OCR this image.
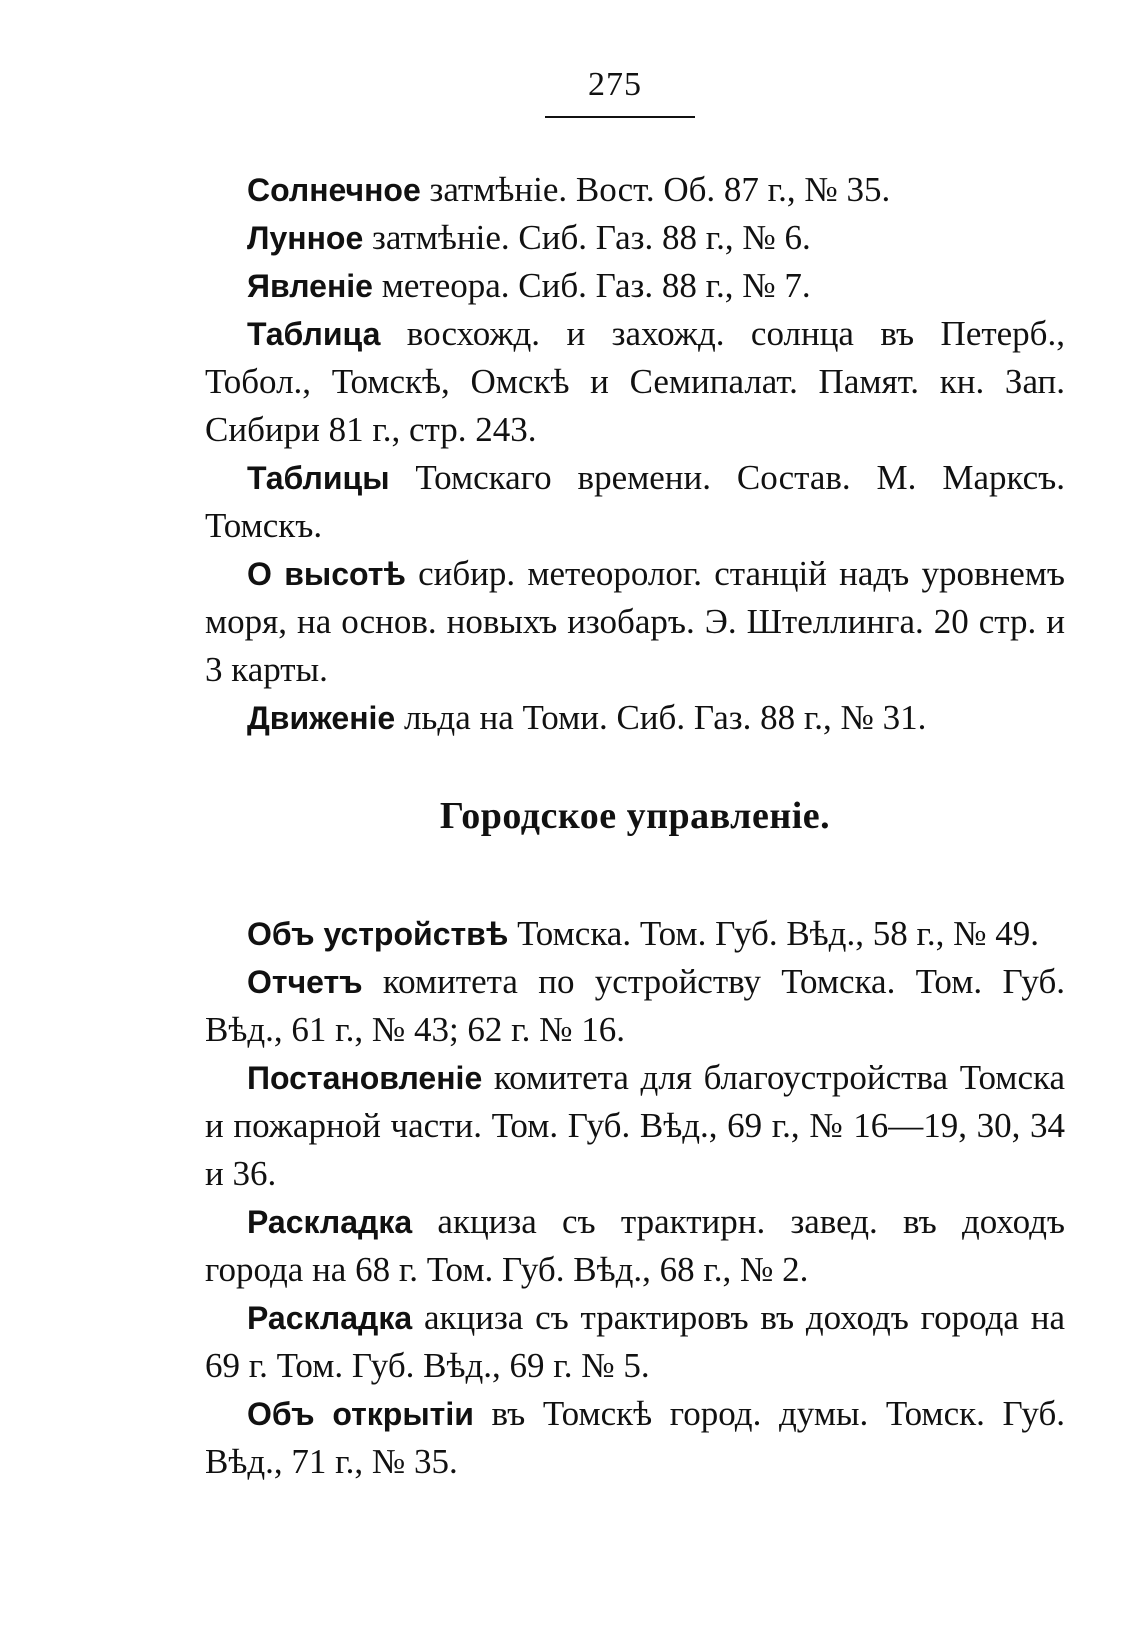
275

Солнечное затмѣніе. Вост. Об. 87 г., № 35.

Лунное затмѣніе. Сиб. Газ. 88 г., № 6.

Явленіе метеора. Сиб. Газ. 88 г., № 7.

Таблица восхожд. и захожд. солнца въ Петерб., Тобол., Томскѣ, Омскѣ и Семипалат. Памят. кн. Зап. Сибири 81 г., стр. 243.

Таблицы Томскаго времени. Состав. М. Марксъ. Томскъ.

О высотѣ сибир. метеоролог. станцій надъ уровнемъ моря, на основ. новыхъ изобаръ. Э. Штеллинга. 20 стр. и 3 карты.

Движеніе льда на Томи. Сиб. Газ. 88 г., № 31.

Городское управленіе.

Объ устройствѣ Томска. Том. Губ. Вѣд., 58 г., № 49.

Отчетъ комитета по устройству Томска. Том. Губ. Вѣд., 61 г., № 43; 62 г. № 16.

Постановленіе комитета для благоустройства Томска и пожарной части. Том. Губ. Вѣд., 69 г., № 16—19, 30, 34 и 36.

Раскладка акциза съ трактирн. завед. въ доходъ города на 68 г. Том. Губ. Вѣд., 68 г., № 2.

Раскладка акциза съ трактировъ въ доходъ города на 69 г. Том. Губ. Вѣд., 69 г. № 5.

Объ открытіи въ Томскѣ город. думы. Томск. Губ. Вѣд., 71 г., № 35.
